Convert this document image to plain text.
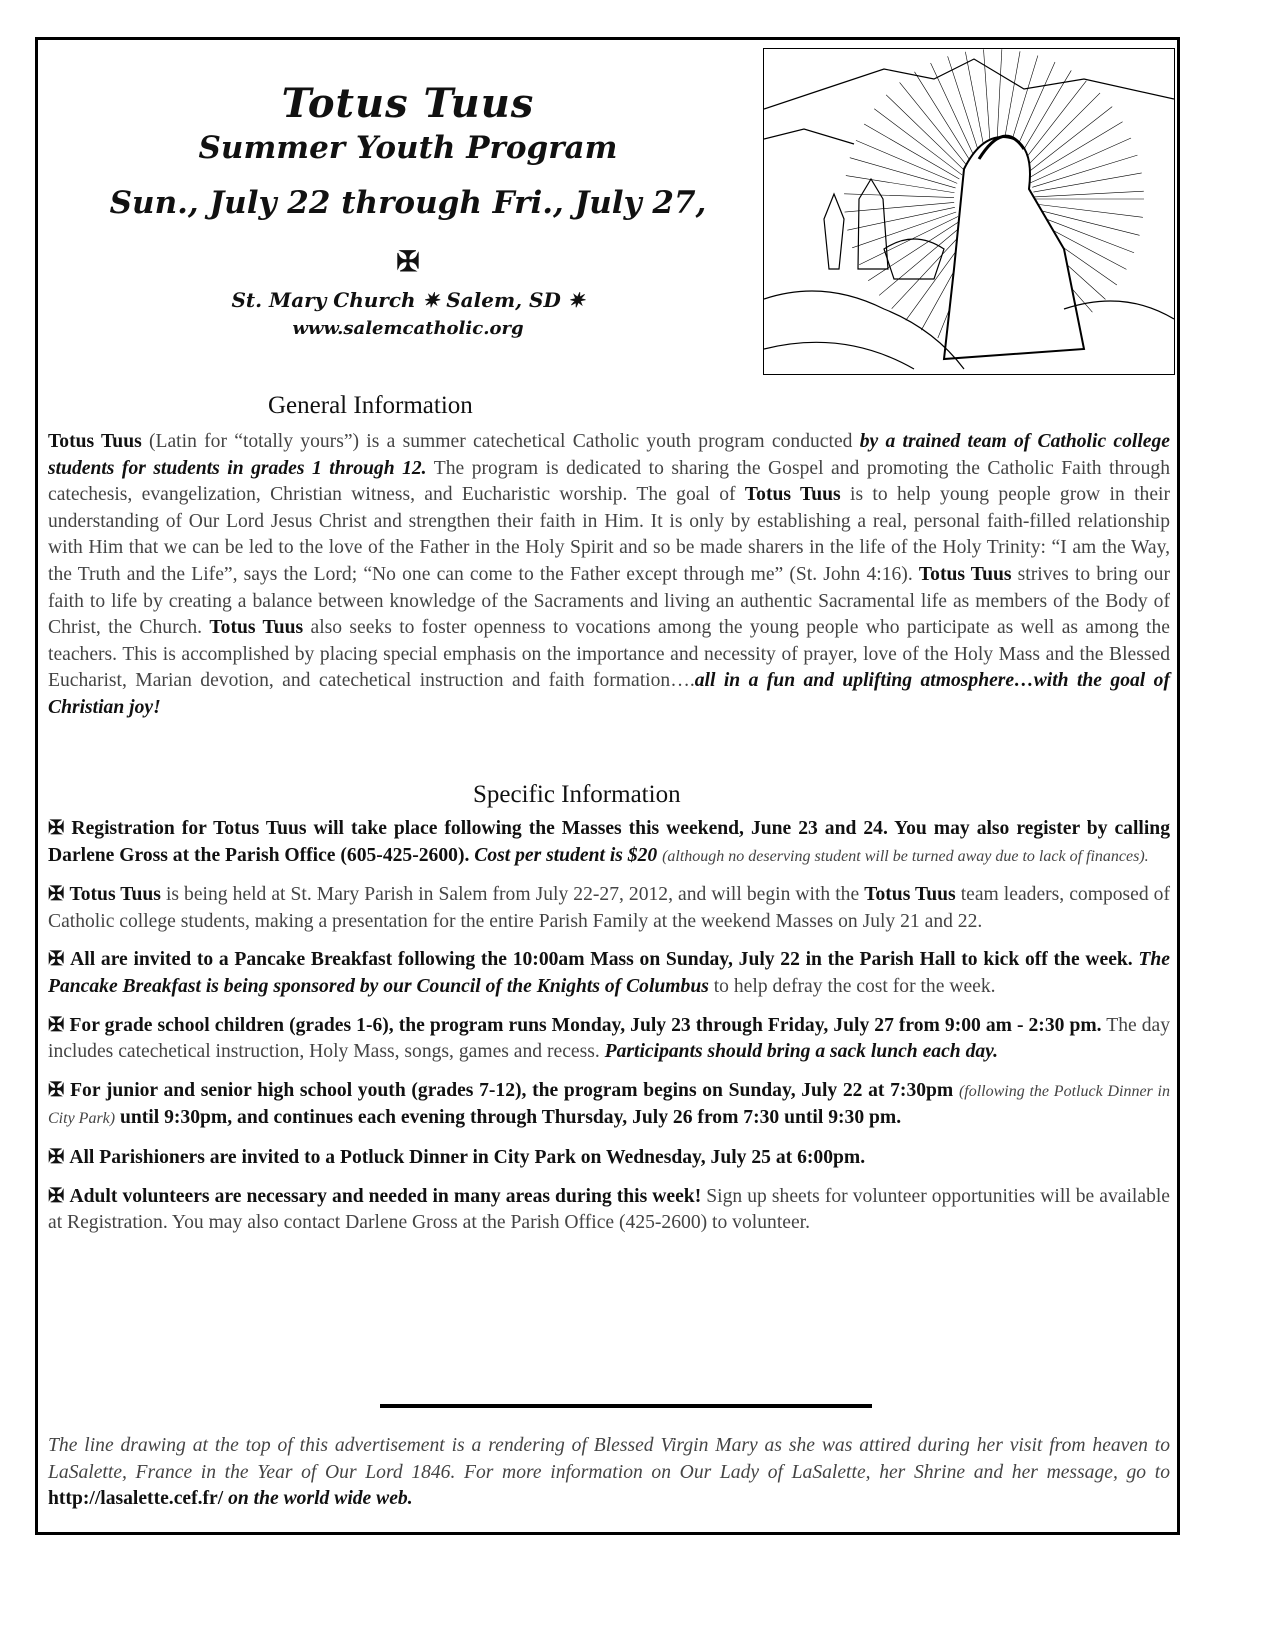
Totus Tuus
Summer Youth Program
Sun., July 22 through Fri., July 27,
✠
St. Mary Church ✷ Salem, SD ✷
www.salemcatholic.org
General Information

Totus Tuus (Latin for “totally yours”) is a summer catechetical Catholic youth program conducted by a trained team of Catholic college students for students in grades 1 through 12. The program is dedicated to sharing the Gospel and promoting the Catholic Faith through catechesis, evangelization, Christian witness, and Eucharistic worship. The goal of Totus Tuus is to help young people grow in their understanding of Our Lord Jesus Christ and strengthen their faith in Him. It is only by establishing a real, personal faith-filled relationship with Him that we can be led to the love of the Father in the Holy Spirit and so be made sharers in the life of the Holy Trinity: “I am the Way, the Truth and the Life”, says the Lord; “No one can come to the Father except through me” (St. John 4:16). Totus Tuus strives to bring our faith to life by creating a balance between knowledge of the Sacraments and living an authentic Sacramental life as members of the Body of Christ, the Church. Totus Tuus also seeks to foster openness to vocations among the young people who participate as well as among the teachers. This is accomplished by placing special emphasis on the importance and necessity of prayer, love of the Holy Mass and the Blessed Eucharist, Marian devotion, and catechetical instruction and faith formation….all in a fun and uplifting atmosphere…with the goal of Christian joy!

Specific Information

✠ Registration for Totus Tuus will take place following the Masses this weekend, June 23 and 24. You may also register by calling Darlene Gross at the Parish Office (605-425-2600). Cost per student is $20 (although no deserving student will be turned away due to lack of finances).

✠ Totus Tuus is being held at St. Mary Parish in Salem from July 22-27, 2012, and will begin with the Totus Tuus team leaders, composed of Catholic college students, making a presentation for the entire Parish Family at the weekend Masses on July 21 and 22.

✠ All are invited to a Pancake Breakfast following the 10:00am Mass on Sunday, July 22 in the Parish Hall to kick off the week. The Pancake Breakfast is being sponsored by our Council of the Knights of Columbus to help defray the cost for the week.

✠ For grade school children (grades 1-6), the program runs Monday, July 23 through Friday, July 27 from 9:00 am - 2:30 pm. The day includes catechetical instruction, Holy Mass, songs, games and recess. Participants should bring a sack lunch each day.

✠ For junior and senior high school youth (grades 7-12), the program begins on Sunday, July 22 at 7:30pm (following the Potluck Dinner in City Park) until 9:30pm, and continues each evening through Thursday, July 26 from 7:30 until 9:30 pm.

✠ All Parishioners are invited to a Potluck Dinner in City Park on Wednesday, July 25 at 6:00pm.

✠ Adult volunteers are necessary and needed in many areas during this week! Sign up sheets for volunteer opportunities will be available at Registration. You may also contact Darlene Gross at the Parish Office (425-2600) to volunteer.

The line drawing at the top of this advertisement is a rendering of Blessed Virgin Mary as she was attired during her visit from heaven to LaSalette, France in the Year of Our Lord 1846. For more information on Our Lady of LaSalette, her Shrine and her message, go to http://lasalette.cef.fr/ on the world wide web.
